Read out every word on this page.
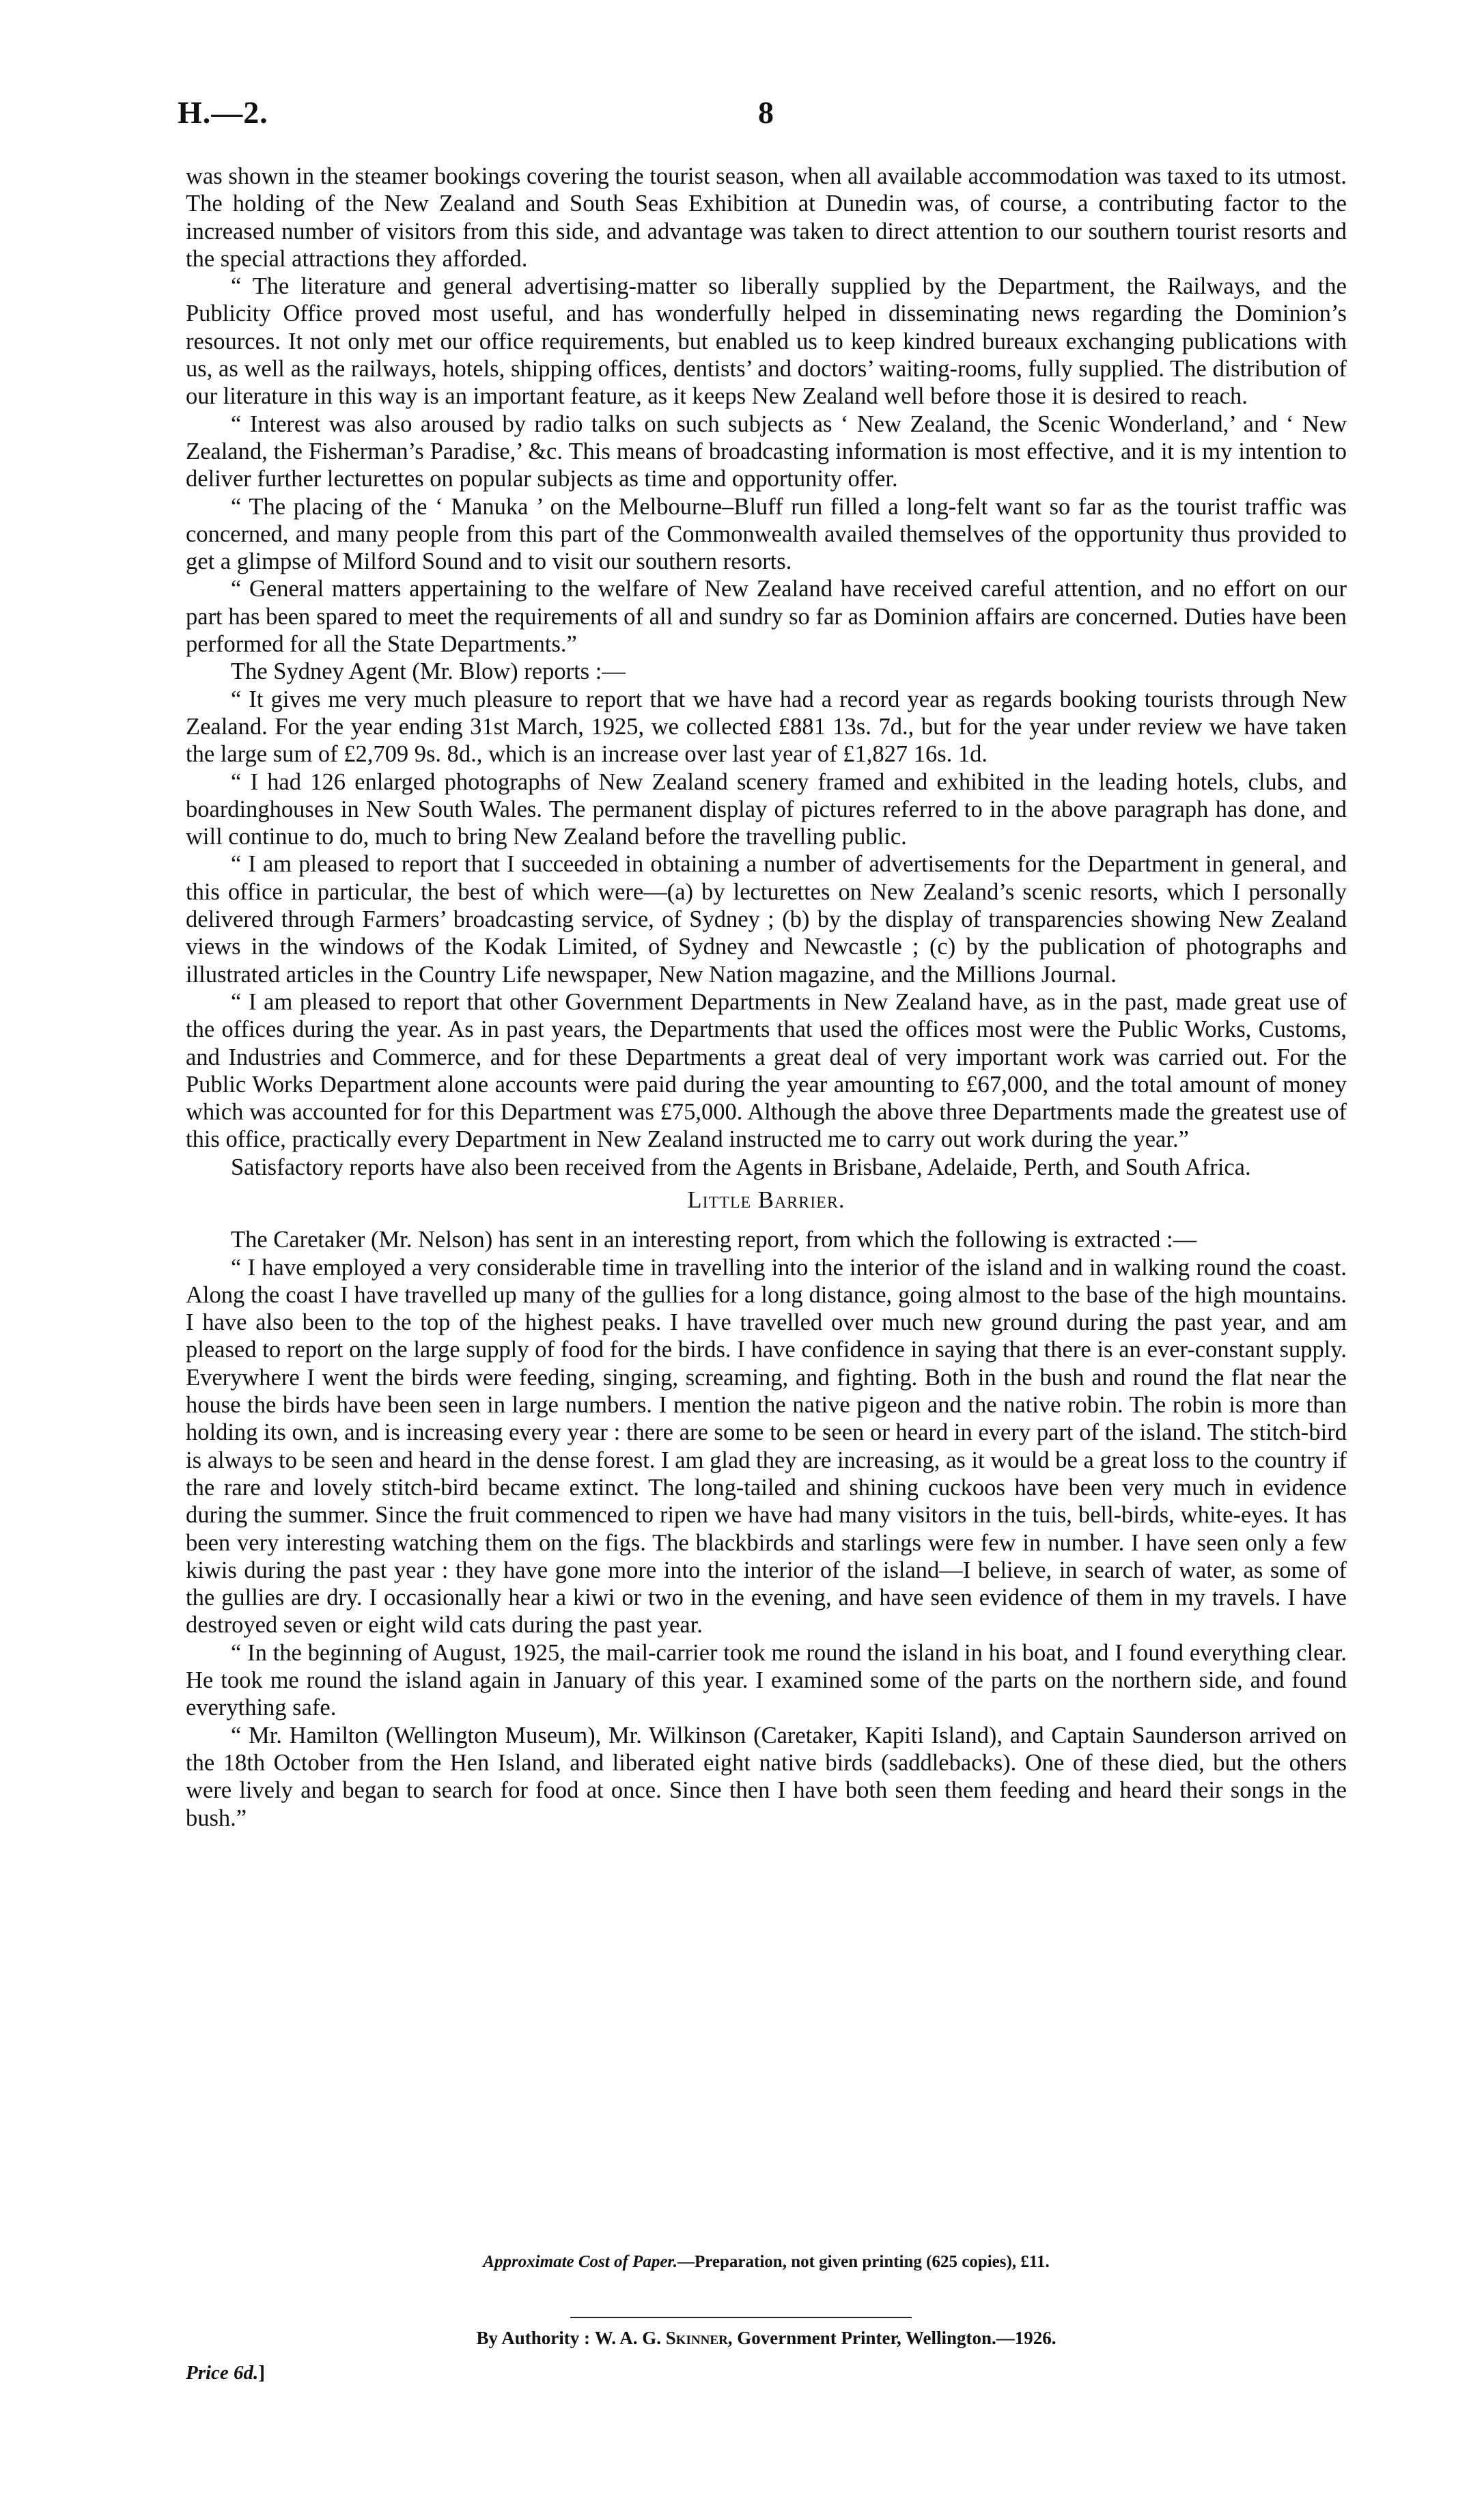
H.—2.	8

was shown in the steamer bookings covering the tourist season, when all available accommodation was taxed to its utmost. The holding of the New Zealand and South Seas Exhibition at Dunedin was, of course, a contributing factor to the increased number of visitors from this side, and advantage was taken to direct attention to our southern tourist resorts and the special attractions they afforded.

“ The literature and general advertising-matter so liberally supplied by the Department, the Railways, and the Publicity Office proved most useful, and has wonderfully helped in disseminating news regarding the Dominion’s resources. It not only met our office requirements, but enabled us to keep kindred bureaux exchanging publications with us, as well as the railways, hotels, shipping offices, dentists’ and doctors’ waiting-rooms, fully supplied. The distribution of our literature in this way is an important feature, as it keeps New Zealand well before those it is desired to reach.

“ Interest was also aroused by radio talks on such subjects as ‘ New Zealand, the Scenic Wonderland,’ and ‘ New Zealand, the Fisherman’s Paradise,’ &c. This means of broadcasting information is most effective, and it is my intention to deliver further lecturettes on popular subjects as time and opportunity offer.

“ The placing of the ‘ Manuka ’ on the Melbourne–Bluff run filled a long-felt want so far as the tourist traffic was concerned, and many people from this part of the Commonwealth availed themselves of the opportunity thus provided to get a glimpse of Milford Sound and to visit our southern resorts.

“ General matters appertaining to the welfare of New Zealand have received careful attention, and no effort on our part has been spared to meet the requirements of all and sundry so far as Dominion affairs are concerned. Duties have been performed for all the State Departments.”

The Sydney Agent (Mr. Blow) reports :—

“ It gives me very much pleasure to report that we have had a record year as regards booking tourists through New Zealand. For the year ending 31st March, 1925, we collected £881 13s. 7d., but for the year under review we have taken the large sum of £2,709 9s. 8d., which is an increase over last year of £1,827 16s. 1d.

“ I had 126 enlarged photographs of New Zealand scenery framed and exhibited in the leading hotels, clubs, and boardinghouses in New South Wales. The permanent display of pictures referred to in the above paragraph has done, and will continue to do, much to bring New Zealand before the travelling public.

“ I am pleased to report that I succeeded in obtaining a number of advertisements for the Department in general, and this office in particular, the best of which were—(a) by lecturettes on New Zealand’s scenic resorts, which I personally delivered through Farmers’ broadcasting service, of Sydney ; (b) by the display of transparencies showing New Zealand views in the windows of the Kodak Limited, of Sydney and Newcastle ; (c) by the publication of photographs and illustrated articles in the Country Life newspaper, New Nation magazine, and the Millions Journal.

“ I am pleased to report that other Government Departments in New Zealand have, as in the past, made great use of the offices during the year. As in past years, the Departments that used the offices most were the Public Works, Customs, and Industries and Commerce, and for these Departments a great deal of very important work was carried out. For the Public Works Department alone accounts were paid during the year amounting to £67,000, and the total amount of money which was accounted for for this Department was £75,000. Although the above three Departments made the greatest use of this office, practically every Department in New Zealand instructed me to carry out work during the year.”

Satisfactory reports have also been received from the Agents in Brisbane, Adelaide, Perth, and South Africa.

Little Barrier.

The Caretaker (Mr. Nelson) has sent in an interesting report, from which the following is extracted :—

“ I have employed a very considerable time in travelling into the interior of the island and in walking round the coast. Along the coast I have travelled up many of the gullies for a long distance, going almost to the base of the high mountains. I have also been to the top of the highest peaks. I have travelled over much new ground during the past year, and am pleased to report on the large supply of food for the birds. I have confidence in saying that there is an ever-constant supply. Everywhere I went the birds were feeding, singing, screaming, and fighting. Both in the bush and round the flat near the house the birds have been seen in large numbers. I mention the native pigeon and the native robin. The robin is more than holding its own, and is increasing every year : there are some to be seen or heard in every part of the island. The stitch-bird is always to be seen and heard in the dense forest. I am glad they are increasing, as it would be a great loss to the country if the rare and lovely stitch-bird became extinct. The long-tailed and shining cuckoos have been very much in evidence during the summer. Since the fruit commenced to ripen we have had many visitors in the tuis, bell-birds, white-eyes. It has been very interesting watching them on the figs. The blackbirds and starlings were few in number. I have seen only a few kiwis during the past year : they have gone more into the interior of the island—I believe, in search of water, as some of the gullies are dry. I occasionally hear a kiwi or two in the evening, and have seen evidence of them in my travels. I have destroyed seven or eight wild cats during the past year.

“ In the beginning of August, 1925, the mail-carrier took me round the island in his boat, and I found everything clear. He took me round the island again in January of this year. I examined some of the parts on the northern side, and found everything safe.

“ Mr. Hamilton (Wellington Museum), Mr. Wilkinson (Caretaker, Kapiti Island), and Captain Saunderson arrived on the 18th October from the Hen Island, and liberated eight native birds (saddlebacks). One of these died, but the others were lively and began to search for food at once. Since then I have both seen them feeding and heard their songs in the bush.”

Approximate Cost of Paper.—Preparation, not given printing (625 copies), £11.
By Authority : W. A. G. Skinner, Government Printer, Wellington.—1926.
Price 6d.]
